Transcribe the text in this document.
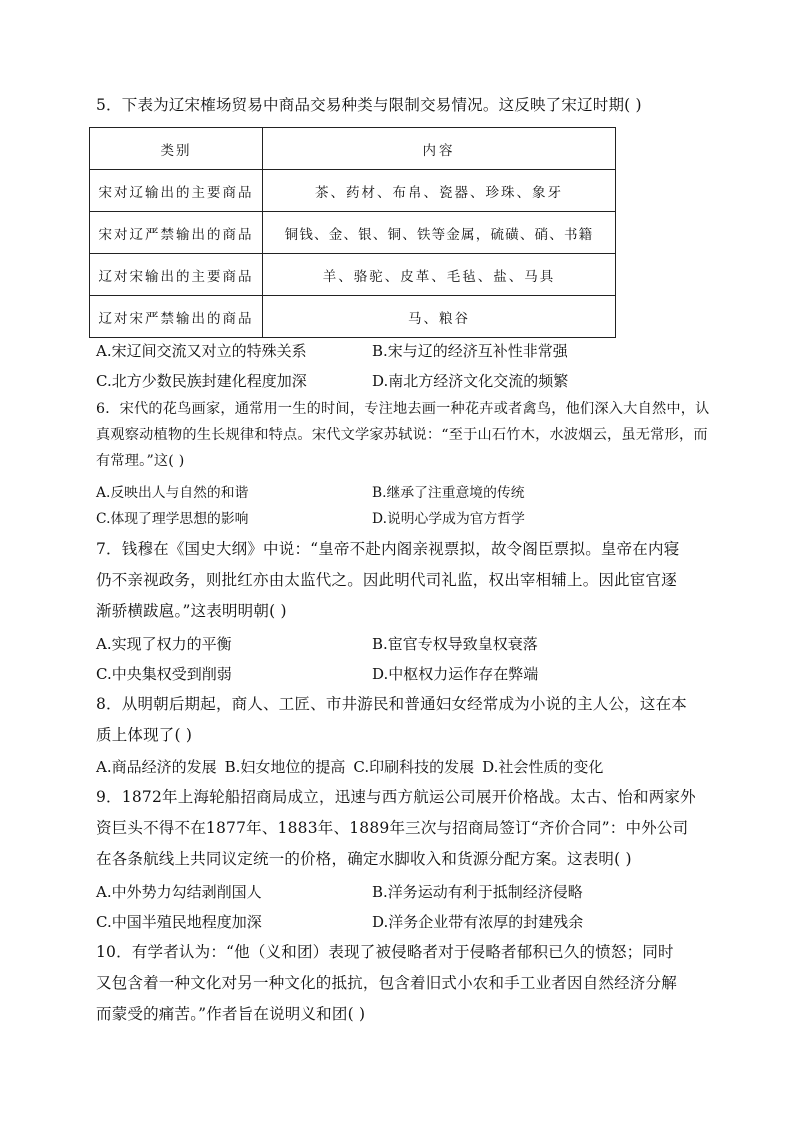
5．下表为辽宋榷场贸易中商品交易种类与限制交易情况。这反映了宋辽时期( )

类别	内容
宋对辽输出的主要商品	茶、药材、布帛、瓷器、珍珠、象牙
宋对辽严禁输出的商品	铜钱、金、银、铜、铁等金属，硫磺、硝、书籍
辽对宋输出的主要商品	羊、骆驼、皮革、毛毡、盐、马具
辽对宋严禁输出的商品	马、粮谷
A.宋辽间交流又对立的特殊关系	B.宋与辽的经济互补性非常强
C.北方少数民族封建化程度加深	D.南北方经济文化交流的频繁

6．宋代的花鸟画家，通常用一生的时间，专注地去画一种花卉或者禽鸟，他们深入大自然中，认

真观察动植物的生长规律和特点。宋代文学家苏轼说：“至于山石竹木，水波烟云，虽无常形，而

有常理。”这( )

A.反映出人与自然的和谐	B.继承了注重意境的传统
C.体现了理学思想的影响	D.说明心学成为官方哲学

7．钱穆在《国史大纲》中说：“皇帝不赴内阁亲视票拟，故令阁臣票拟。皇帝在内寝

仍不亲视政务，则批红亦由太监代之。因此明代司礼监，权出宰相辅上。因此宦官逐

渐骄横跋扈。”这表明明朝( )

A.实现了权力的平衡	B.宦官专权导致皇权衰落
C.中央集权受到削弱	D.中枢权力运作存在弊端

8．从明朝后期起，商人、工匠、市井游民和普通妇女经常成为小说的主人公，这在本

质上体现了( )

A.商品经济的发展 B.妇女地位的提高 C.印刷科技的发展 D.社会性质的变化

9．1872年上海轮船招商局成立，迅速与西方航运公司展开价格战。太古、怡和两家外

资巨头不得不在1877年、1883年、1889年三次与招商局签订“齐价合同”：中外公司

在各条航线上共同议定统一的价格，确定水脚收入和货源分配方案。这表明( )

A.中外势力勾结剥削国人	B.洋务运动有利于抵制经济侵略
C.中国半殖民地程度加深	D.洋务企业带有浓厚的封建残余

10．有学者认为：“他（义和团）表现了被侵略者对于侵略者郁积已久的愤怒；同时

又包含着一种文化对另一种文化的抵抗，包含着旧式小农和手工业者因自然经济分解

而蒙受的痛苦。”作者旨在说明义和团( )
